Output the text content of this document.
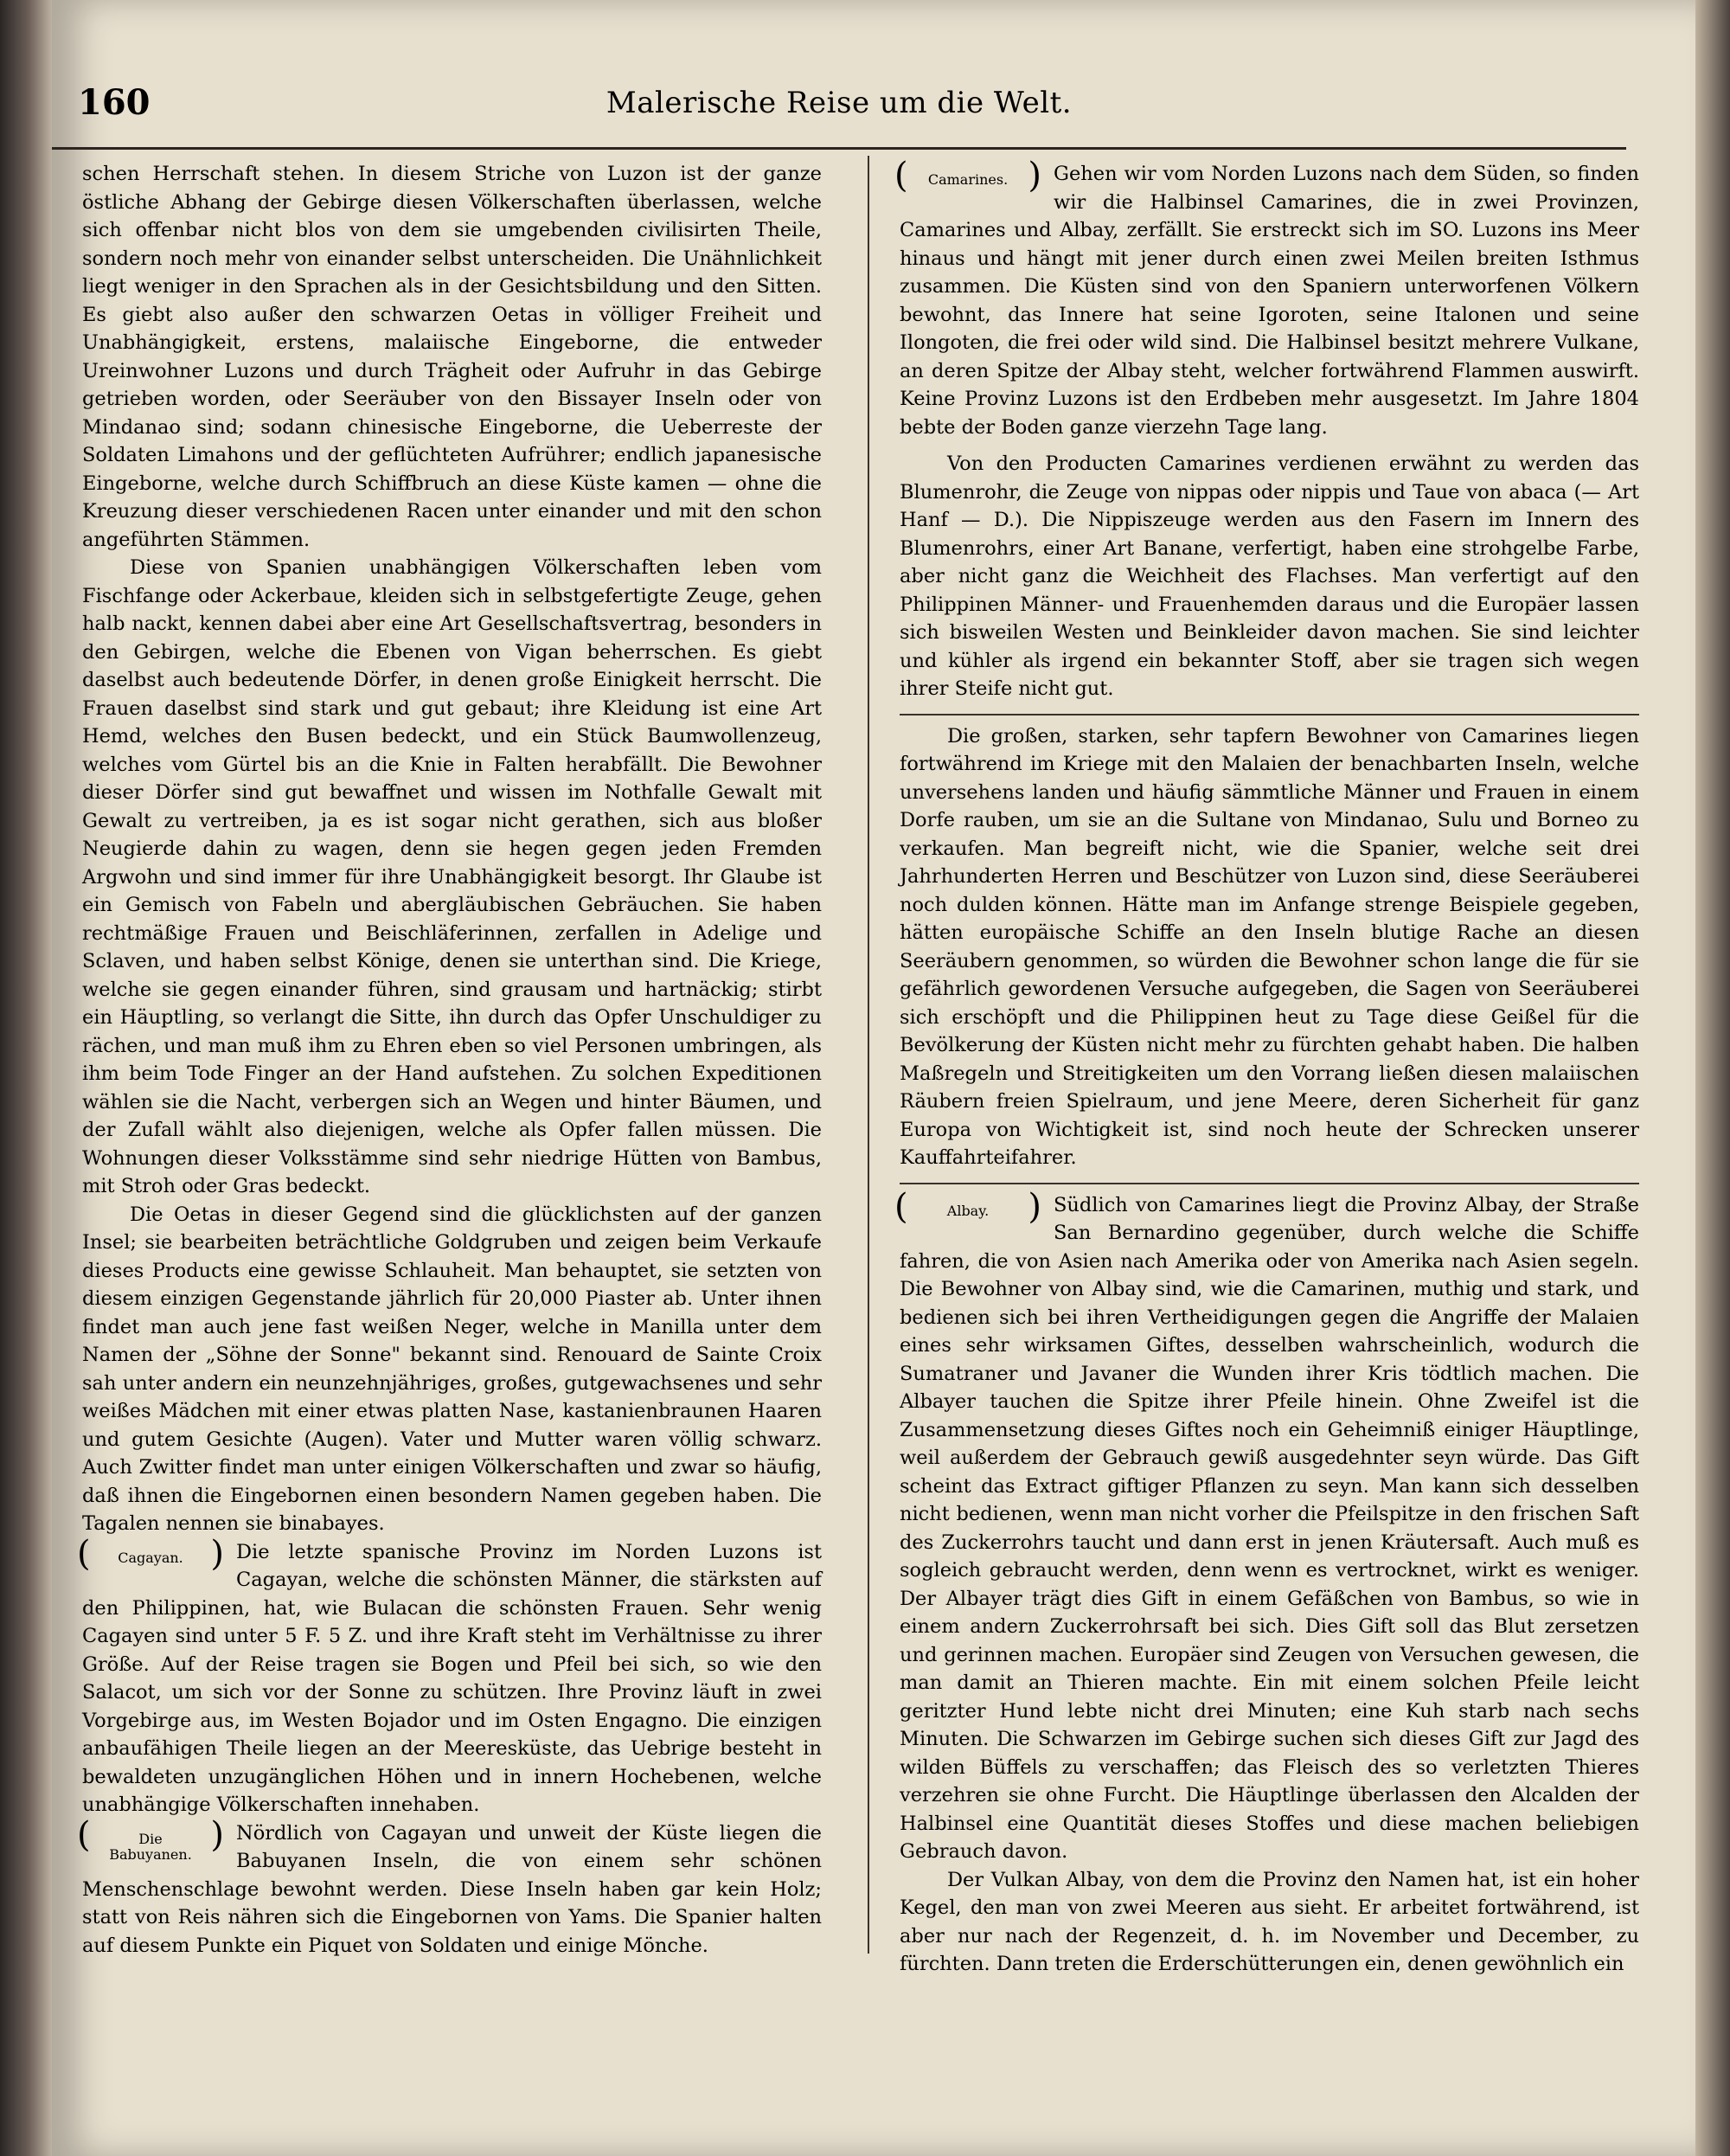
160	Malerische Reise um die Welt.

schen Herrschaft stehen. In diesem Striche von Luzon ist der ganze östliche Abhang der Gebirge diesen Völkerschaften überlassen, welche sich offenbar nicht blos von dem sie umgebenden civilisirten Theile, sondern noch mehr von einander selbst unterscheiden. Die Unähnlichkeit liegt weniger in den Sprachen als in der Gesichtsbildung und den Sitten. Es giebt also außer den schwarzen Oetas in völliger Freiheit und Unabhängigkeit, erstens, malaiische Eingeborne, die entweder Ureinwohner Luzons und durch Trägheit oder Aufruhr in das Gebirge getrieben worden, oder Seeräuber von den Bissayer Inseln oder von Mindanao sind; sodann chinesische Eingeborne, die Ueberreste der Soldaten Limahons und der geflüchteten Aufrührer; endlich japanesische Eingeborne, welche durch Schiffbruch an diese Küste kamen — ohne die Kreuzung dieser verschiedenen Racen unter einander und mit den schon angeführten Stämmen.

Diese von Spanien unabhängigen Völkerschaften leben vom Fischfange oder Ackerbaue, kleiden sich in selbstgefertigte Zeuge, gehen halb nackt, kennen dabei aber eine Art Gesellschaftsvertrag, besonders in den Gebirgen, welche die Ebenen von Vigan beherrschen. Es giebt daselbst auch bedeutende Dörfer, in denen große Einigkeit herrscht. Die Frauen daselbst sind stark und gut gebaut; ihre Kleidung ist eine Art Hemd, welches den Busen bedeckt, und ein Stück Baumwollenzeug, welches vom Gürtel bis an die Knie in Falten herabfällt. Die Bewohner dieser Dörfer sind gut bewaffnet und wissen im Nothfalle Gewalt mit Gewalt zu vertreiben, ja es ist sogar nicht gerathen, sich aus bloßer Neugierde dahin zu wagen, denn sie hegen gegen jeden Fremden Argwohn und sind immer für ihre Unabhängigkeit besorgt. Ihr Glaube ist ein Gemisch von Fabeln und abergläubischen Gebräuchen. Sie haben rechtmäßige Frauen und Beischläferinnen, zerfallen in Adelige und Sclaven, und haben selbst Könige, denen sie unterthan sind. Die Kriege, welche sie gegen einander führen, sind grausam und hartnäckig; stirbt ein Häuptling, so verlangt die Sitte, ihn durch das Opfer Unschuldiger zu rächen, und man muß ihm zu Ehren eben so viel Personen umbringen, als ihm beim Tode Finger an der Hand aufstehen. Zu solchen Expeditionen wählen sie die Nacht, verbergen sich an Wegen und hinter Bäumen, und der Zufall wählt also diejenigen, welche als Opfer fallen müssen. Die Wohnungen dieser Volksstämme sind sehr niedrige Hütten von Bambus, mit Stroh oder Gras bedeckt.

Die Oetas in dieser Gegend sind die glücklichsten auf der ganzen Insel; sie bearbeiten beträchtliche Goldgruben und zeigen beim Verkaufe dieses Products eine gewisse Schlauheit. Man behauptet, sie setzten von diesem einzigen Gegenstande jährlich für 20,000 Piaster ab. Unter ihnen findet man auch jene fast weißen Neger, welche in Manilla unter dem Namen der „Söhne der Sonne" bekannt sind. Renouard de Sainte Croix sah unter andern ein neunzehnjähriges, großes, gutgewachsenes und sehr weißes Mädchen mit einer etwas platten Nase, kastanienbraunen Haaren und gutem Gesichte (Augen). Vater und Mutter waren völlig schwarz. Auch Zwitter findet man unter einigen Völkerschaften und zwar so häufig, daß ihnen die Eingebornen einen besondern Namen gegeben haben. Die Tagalen nennen sie binabayes.

( Cagayan. )	Die letzte spanische Provinz im Norden Luzons ist Cagayan, welche die schönsten Männer, die stärksten auf den Philippinen, hat, wie Bulacan die schönsten Frauen. Sehr wenig Cagayen sind unter 5 F. 5 Z. und ihre Kraft steht im Verhältnisse zu ihrer Größe. Auf der Reise tragen sie Bogen und Pfeil bei sich, so wie den Salacot, um sich vor der Sonne zu schützen. Ihre Provinz läuft in zwei Vorgebirge aus, im Westen Bojador und im Osten Engagno. Die einzigen anbaufähigen Theile liegen an der Meeresküste, das Uebrige besteht in bewaldeten unzugänglichen Höhen und in innern Hochebenen, welche unabhängige Völkerschaften innehaben.

( Die Babuyanen. )
Nördlich von Cagayan und unweit der Küste liegen die Babuyanen Inseln, die von einem sehr schönen Menschenschlage bewohnt werden. Diese Inseln haben gar kein Holz; statt von Reis nähren sich die Eingebornen von Yams. Die Spanier halten auf diesem Punkte ein Piquet von Soldaten und einige Mönche.

( Camarines. )	Gehen wir vom Norden Luzons nach dem Süden, so finden wir die Halbinsel Camarines, die in zwei Provinzen, Camarines und Albay, zerfällt. Sie erstreckt sich im SO. Luzons ins Meer hinaus und hängt mit jener durch einen zwei Meilen breiten Isthmus zusammen. Die Küsten sind von den Spaniern unterworfenen Völkern bewohnt, das Innere hat seine Igoroten, seine Italonen und seine Ilongoten, die frei oder wild sind. Die Halbinsel besitzt mehrere Vulkane, an deren Spitze der Albay steht, welcher fortwährend Flammen auswirft. Keine Provinz Luzons ist den Erdbeben mehr ausgesetzt. Im Jahre 1804 bebte der Boden ganze vierzehn Tage lang.

Von den Producten Camarines verdienen erwähnt zu werden das Blumenrohr, die Zeuge von nippas oder nippis und Taue von abaca (— Art Hanf — D.). Die Nippiszeuge werden aus den Fasern im Innern des Blumenrohrs, einer Art Banane, verfertigt, haben eine strohgelbe Farbe, aber nicht ganz die Weichheit des Flachses. Man verfertigt auf den Philippinen Männer- und Frauenhemden daraus und die Europäer lassen sich bisweilen Westen und Beinkleider davon machen. Sie sind leichter und kühler als irgend ein bekannter Stoff, aber sie tragen sich wegen ihrer Steife nicht gut.

Die großen, starken, sehr tapfern Bewohner von Camarines liegen fortwährend im Kriege mit den Malaien der benachbarten Inseln, welche unversehens landen und häufig sämmtliche Männer und Frauen in einem Dorfe rauben, um sie an die Sultane von Mindanao, Sulu und Borneo zu verkaufen. Man begreift nicht, wie die Spanier, welche seit drei Jahrhunderten Herren und Beschützer von Luzon sind, diese Seeräuberei noch dulden können. Hätte man im Anfange strenge Beispiele gegeben, hätten europäische Schiffe an den Inseln blutige Rache an diesen Seeräubern genommen, so würden die Bewohner schon lange die für sie gefährlich gewordenen Versuche aufgegeben, die Sagen von Seeräuberei sich erschöpft und die Philippinen heut zu Tage diese Geißel für die Bevölkerung der Küsten nicht mehr zu fürchten gehabt haben. Die halben Maßregeln und Streitigkeiten um den Vorrang ließen diesen malaiischen Räubern freien Spielraum, und jene Meere, deren Sicherheit für ganz Europa von Wichtigkeit ist, sind noch heute der Schrecken unserer Kauffahrteifahrer.

( Albay. )	Südlich von Camarines liegt die Provinz Albay, der Straße San Bernardino gegenüber, durch welche die Schiffe fahren, die von Asien nach Amerika oder von Amerika nach Asien segeln. Die Bewohner von Albay sind, wie die Camarinen, muthig und stark, und bedienen sich bei ihren Vertheidigungen gegen die Angriffe der Malaien eines sehr wirksamen Giftes, desselben wahrscheinlich, wodurch die Sumatraner und Javaner die Wunden ihrer Kris tödtlich machen. Die Albayer tauchen die Spitze ihrer Pfeile hinein. Ohne Zweifel ist die Zusammensetzung dieses Giftes noch ein Geheimniß einiger Häuptlinge, weil außerdem der Gebrauch gewiß ausgedehnter seyn würde. Das Gift scheint das Extract giftiger Pflanzen zu seyn. Man kann sich desselben nicht bedienen, wenn man nicht vorher die Pfeilspitze in den frischen Saft des Zuckerrohrs taucht und dann erst in jenen Kräutersaft. Auch muß es sogleich gebraucht werden, denn wenn es vertrocknet, wirkt es weniger. Der Albayer trägt dies Gift in einem Gefäßchen von Bambus, so wie in einem andern Zuckerrohrsaft bei sich. Dies Gift soll das Blut zersetzen und gerinnen machen. Europäer sind Zeugen von Versuchen gewesen, die man damit an Thieren machte. Ein mit einem solchen Pfeile leicht geritzter Hund lebte nicht drei Minuten; eine Kuh starb nach sechs Minuten. Die Schwarzen im Gebirge suchen sich dieses Gift zur Jagd des wilden Büffels zu verschaffen; das Fleisch des so verletzten Thieres verzehren sie ohne Furcht. Die Häuptlinge überlassen den Alcalden der Halbinsel eine Quantität dieses Stoffes und diese machen beliebigen Gebrauch davon.

Der Vulkan Albay, von dem die Provinz den Namen hat, ist ein hoher Kegel, den man von zwei Meeren aus sieht. Er arbeitet fortwährend, ist aber nur nach der Regenzeit, d. h. im November und December, zu fürchten. Dann treten die Erderschütterungen ein, denen gewöhnlich ein
